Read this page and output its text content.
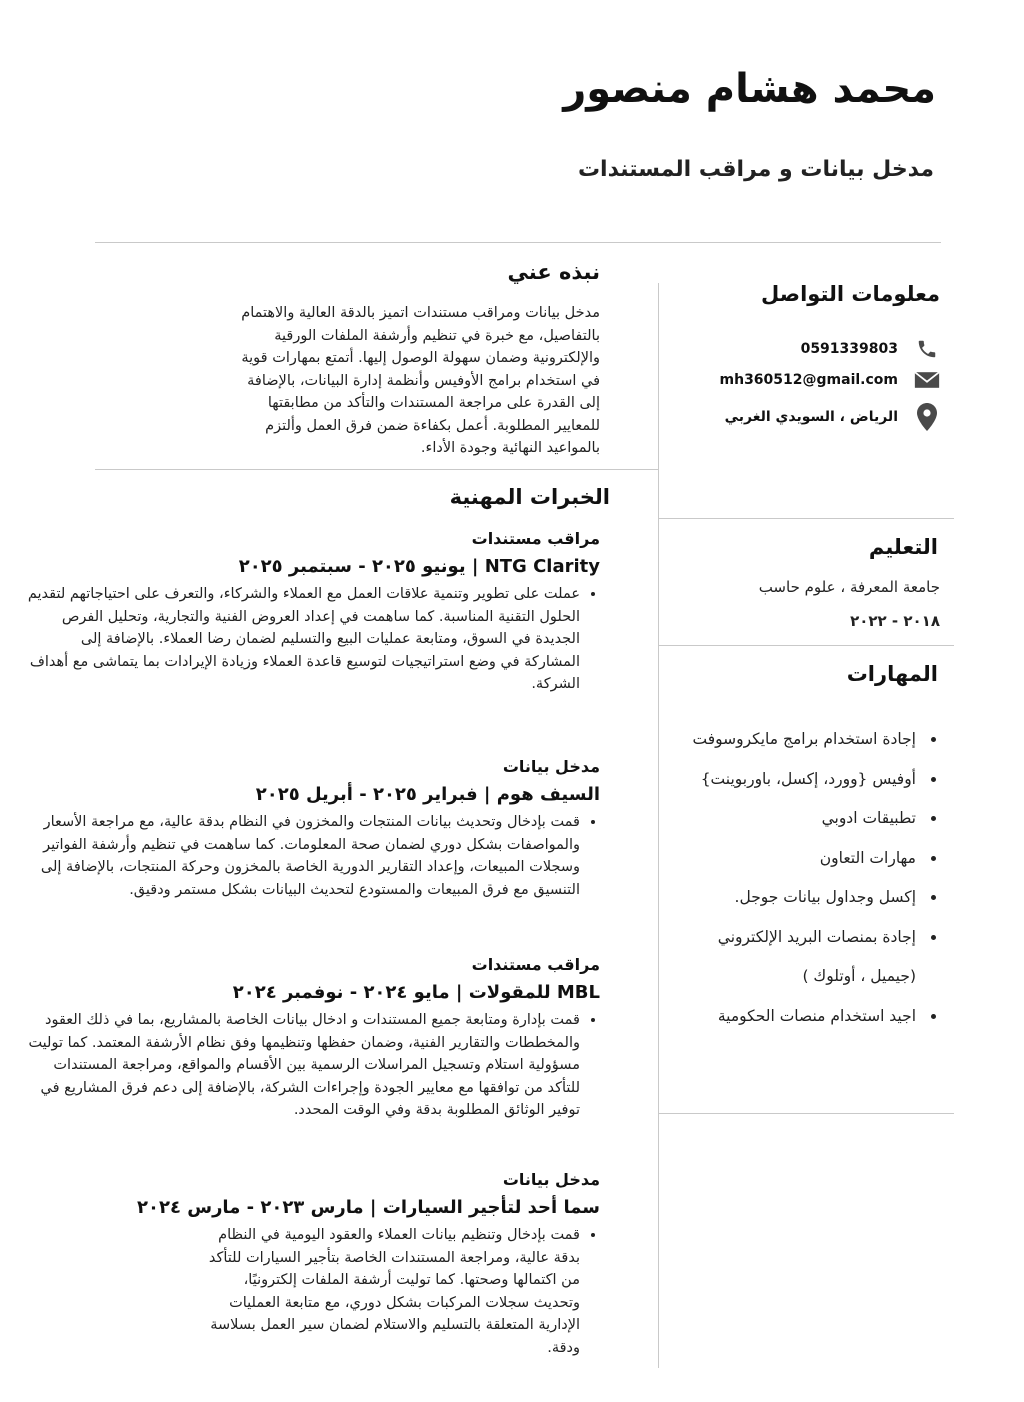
محمد هشام منصور
مدخل بيانات و مراقب المستندات
نبذه عني
مدخل بيانات ومراقب مستندات اتميز بالدقة العالية والاهتمام بالتفاصيل، مع خبرة في تنظيم وأرشفة الملفات الورقية والإلكترونية وضمان سهولة الوصول إليها. أتمتع بمهارات قوية في استخدام برامج الأوفيس وأنظمة إدارة البيانات، بالإضافة إلى القدرة على مراجعة المستندات والتأكد من مطابقتها للمعايير المطلوبة. أعمل بكفاءة ضمن فرق العمل وألتزم بالمواعيد النهائية وجودة الأداء.
معلومات التواصل
0591339803
mh360512@gmail.com
الرياض ، السويدي الغربي
التعليم
جامعة المعرفة ، علوم حاسب
٢٠١٨ - ٢٠٢٢
المهارات
• إجادة استخدام برامج مايكروسوفت
• أوفيس {وورد، إكسل، باوربوينت}
• تطبيقات ادوبي
• مهارات التعاون
• إكسل وجداول بيانات جوجل.
• إجادة بمنصات البريد الإلكتروني (جيميل ، أوتلوك )
• اجيد استخدام منصات الحكومية
الخبرات المهنية
مراقب مستندات
NTG Clarity | يونيو ٢٠٢٥ - سبتمبر ٢٠٢٥
• عملت على تطوير وتنمية علاقات العمل مع العملاء والشركاء، والتعرف على احتياجاتهم لتقديم الحلول التقنية المناسبة. كما ساهمت في إعداد العروض الفنية والتجارية، وتحليل الفرص الجديدة في السوق، ومتابعة عمليات البيع والتسليم لضمان رضا العملاء. بالإضافة إلى المشاركة في وضع استراتيجيات لتوسيع قاعدة العملاء وزيادة الإيرادات بما يتماشى مع أهداف الشركة.
مدخل بيانات
السيف هوم | فبراير ٢٠٢٥ - أبريل ٢٠٢٥
• قمت بإدخال وتحديث بيانات المنتجات والمخزون في النظام بدقة عالية، مع مراجعة الأسعار والمواصفات بشكل دوري لضمان صحة المعلومات. كما ساهمت في تنظيم وأرشفة الفواتير وسجلات المبيعات، وإعداد التقارير الدورية الخاصة بالمخزون وحركة المنتجات، بالإضافة إلى التنسيق مع فرق المبيعات والمستودع لتحديث البيانات بشكل مستمر ودقيق.
مراقب مستندات
MBL للمقولات | مايو ٢٠٢٤ - نوفمبر ٢٠٢٤
• قمت بإدارة ومتابعة جميع المستندات و ادخال بيانات الخاصة بالمشاريع، بما في ذلك العقود والمخططات والتقارير الفنية، وضمان حفظها وتنظيمها وفق نظام الأرشفة المعتمد. كما توليت مسؤولية استلام وتسجيل المراسلات الرسمية بين الأقسام والمواقع، ومراجعة المستندات للتأكد من توافقها مع معايير الجودة وإجراءات الشركة، بالإضافة إلى دعم فرق المشاريع في توفير الوثائق المطلوبة بدقة وفي الوقت المحدد.
مدخل بيانات
سما أحد لتأجير السيارات | مارس ٢٠٢٣ - مارس ٢٠٢٤
• قمت بإدخال وتنظيم بيانات العملاء والعقود اليومية في النظام بدقة عالية، ومراجعة المستندات الخاصة بتأجير السيارات للتأكد من اكتمالها وصحتها. كما توليت أرشفة الملفات إلكترونيًا، وتحديث سجلات المركبات بشكل دوري، مع متابعة العمليات الإدارية المتعلقة بالتسليم والاستلام لضمان سير العمل بسلاسة ودقة.
